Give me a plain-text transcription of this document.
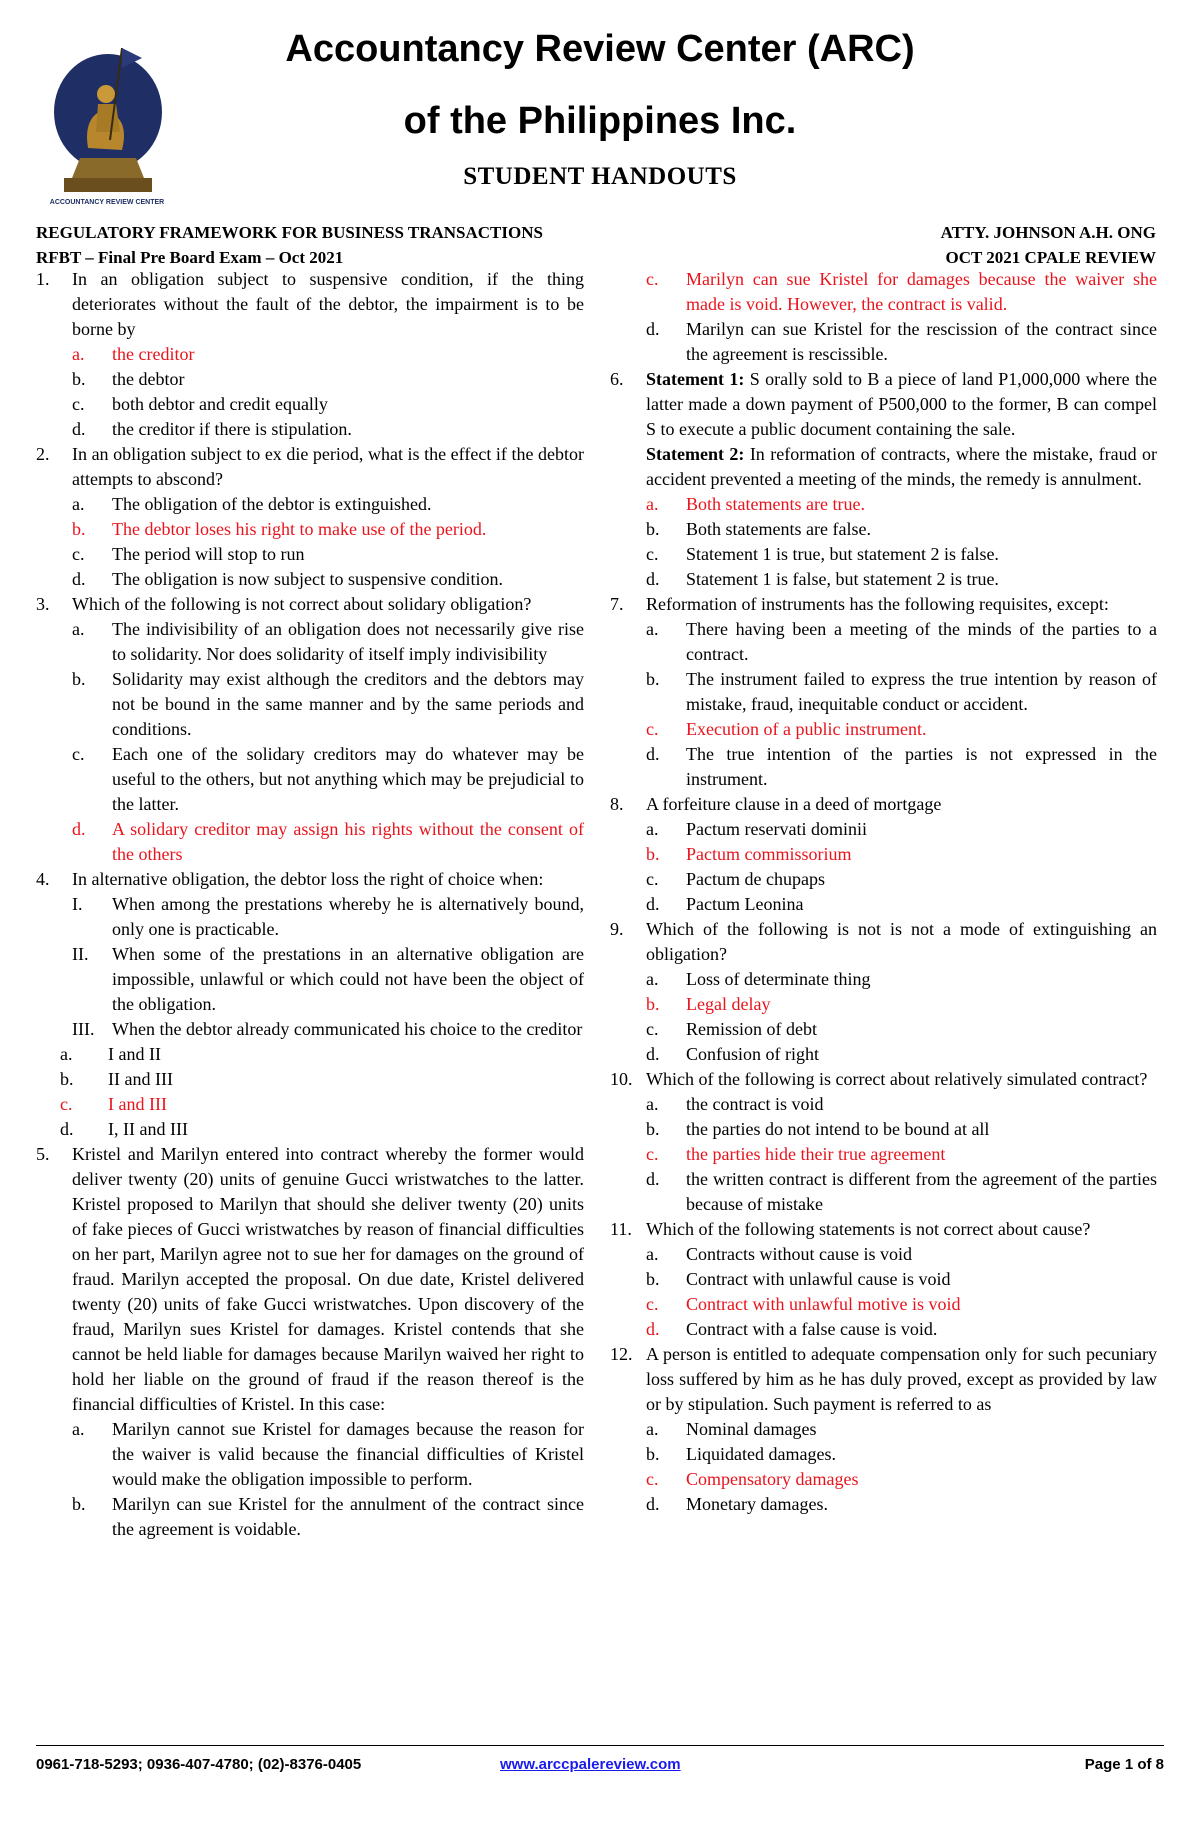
ACCOUNTANCY REVIEW CENTER
Accountancy Review Center (ARC)
of the Philippines Inc.
STUDENT HANDOUTS
REGULATORY FRAMEWORK FOR BUSINESS TRANSACTIONS
RFBT – Final Pre Board Exam – Oct 2021
ATTY. JOHNSON A.H. ONG
OCT 2021 CPALE REVIEW
1. In an obligation subject to suspensive condition, if the thing deteriorates without the fault of the debtor, the impairment is to be borne by
a. the creditor
b. the debtor
c. both debtor and credit equally
d. the creditor if there is stipulation.
2. In an obligation subject to ex die period, what is the effect if the debtor attempts to abscond?
a. The obligation of the debtor is extinguished.
b. The debtor loses his right to make use of the period.
c. The period will stop to run
d. The obligation is now subject to suspensive condition.
3. Which of the following is not correct about solidary obligation?
a. The indivisibility of an obligation does not necessarily give rise to solidarity. Nor does solidarity of itself imply indivisibility
b. Solidarity may exist although the creditors and the debtors may not be bound in the same manner and by the same periods and conditions.
c. Each one of the solidary creditors may do whatever may be useful to the others, but not anything which may be prejudicial to the latter.
d. A solidary creditor may assign his rights without the consent of the others
4. In alternative obligation, the debtor loss the right of choice when:
I. When among the prestations whereby he is alternatively bound, only one is practicable.
II. When some of the prestations in an alternative obligation are impossible, unlawful or which could not have been the object of the obligation.
III. When the debtor already communicated his choice to the creditor
a. I and II
b. II and III
c. I and III
d. I, II and III
5. Kristel and Marilyn entered into contract whereby the former would deliver twenty (20) units of genuine Gucci wristwatches to the latter. Kristel proposed to Marilyn that should she deliver twenty (20) units of fake pieces of Gucci wristwatches by reason of financial difficulties on her part, Marilyn agree not to sue her for damages on the ground of fraud. Marilyn accepted the proposal. On due date, Kristel delivered twenty (20) units of fake Gucci wristwatches. Upon discovery of the fraud, Marilyn sues Kristel for damages. Kristel contends that she cannot be held liable for damages because Marilyn waived her right to hold her liable on the ground of fraud if the reason thereof is the financial difficulties of Kristel. In this case:
a. Marilyn cannot sue Kristel for damages because the reason for the waiver is valid because the financial difficulties of Kristel would make the obligation impossible to perform.
b. Marilyn can sue Kristel for the annulment of the contract since the agreement is voidable.
c. Marilyn can sue Kristel for damages because the waiver she made is void. However, the contract is valid.
d. Marilyn can sue Kristel for the rescission of the contract since the agreement is rescissible.
6. Statement 1: S orally sold to B a piece of land P1,000,000 where the latter made a down payment of P500,000 to the former, B can compel S to execute a public document containing the sale.
Statement 2: In reformation of contracts, where the mistake, fraud or accident prevented a meeting of the minds, the remedy is annulment.
a. Both statements are true.
b. Both statements are false.
c. Statement 1 is true, but statement 2 is false.
d. Statement 1 is false, but statement 2 is true.
7. Reformation of instruments has the following requisites, except:
a. There having been a meeting of the minds of the parties to a contract.
b. The instrument failed to express the true intention by reason of mistake, fraud, inequitable conduct or accident.
c. Execution of a public instrument.
d. The true intention of the parties is not expressed in the instrument.
8. A forfeiture clause in a deed of mortgage
a. Pactum reservati dominii
b. Pactum commissorium
c. Pactum de chupaps
d. Pactum Leonina
9. Which of the following is not is not a mode of extinguishing an obligation?
a. Loss of determinate thing
b. Legal delay
c. Remission of debt
d. Confusion of right
10. Which of the following is correct about relatively simulated contract?
a. the contract is void
b. the parties do not intend to be bound at all
c. the parties hide their true agreement
d. the written contract is different from the agreement of the parties because of mistake
11. Which of the following statements is not correct about cause?
a. Contracts without cause is void
b. Contract with unlawful cause is void
c. Contract with unlawful motive is void
d. Contract with a false cause is void.
12. A person is entitled to adequate compensation only for such pecuniary loss suffered by him as he has duly proved, except as provided by law or by stipulation. Such payment is referred to as
a. Nominal damages
b. Liquidated damages.
c. Compensatory damages
d. Monetary damages.
0961-718-5293; 0936-407-4780; (02)-8376-0405	www.arccpalereview.com	Page 1 of 8
